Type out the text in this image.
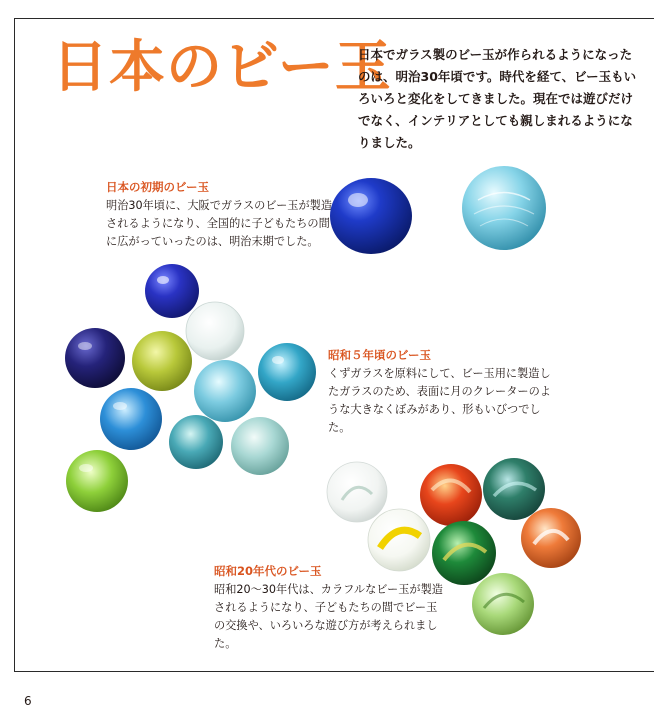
日本のビー玉

日本でガラス製のビー玉が作られるようになったのは、明治30年頃です。時代を経て、ビー玉もいろいろと変化をしてきました。現在では遊びだけでなく、インテリアとしても親しまれるようになりました。

日本の初期のビー玉
明治30年頃に、大阪でガラスのビー玉が製造されるようになり、全国的に子どもたちの間に広がっていったのは、明治末期でした。
昭和５年頃のビー玉
くずガラスを原料にして、ビー玉用に製造したガラスのため、表面に月のクレーターのような大きなくぼみがあり、形もいびつでした。
昭和20年代のビー玉
昭和20～30年代は、カラフルなビー玉が製造されるようになり、子どもたちの間でビー玉の交換や、いろいろな遊び方が考えられました。
6
